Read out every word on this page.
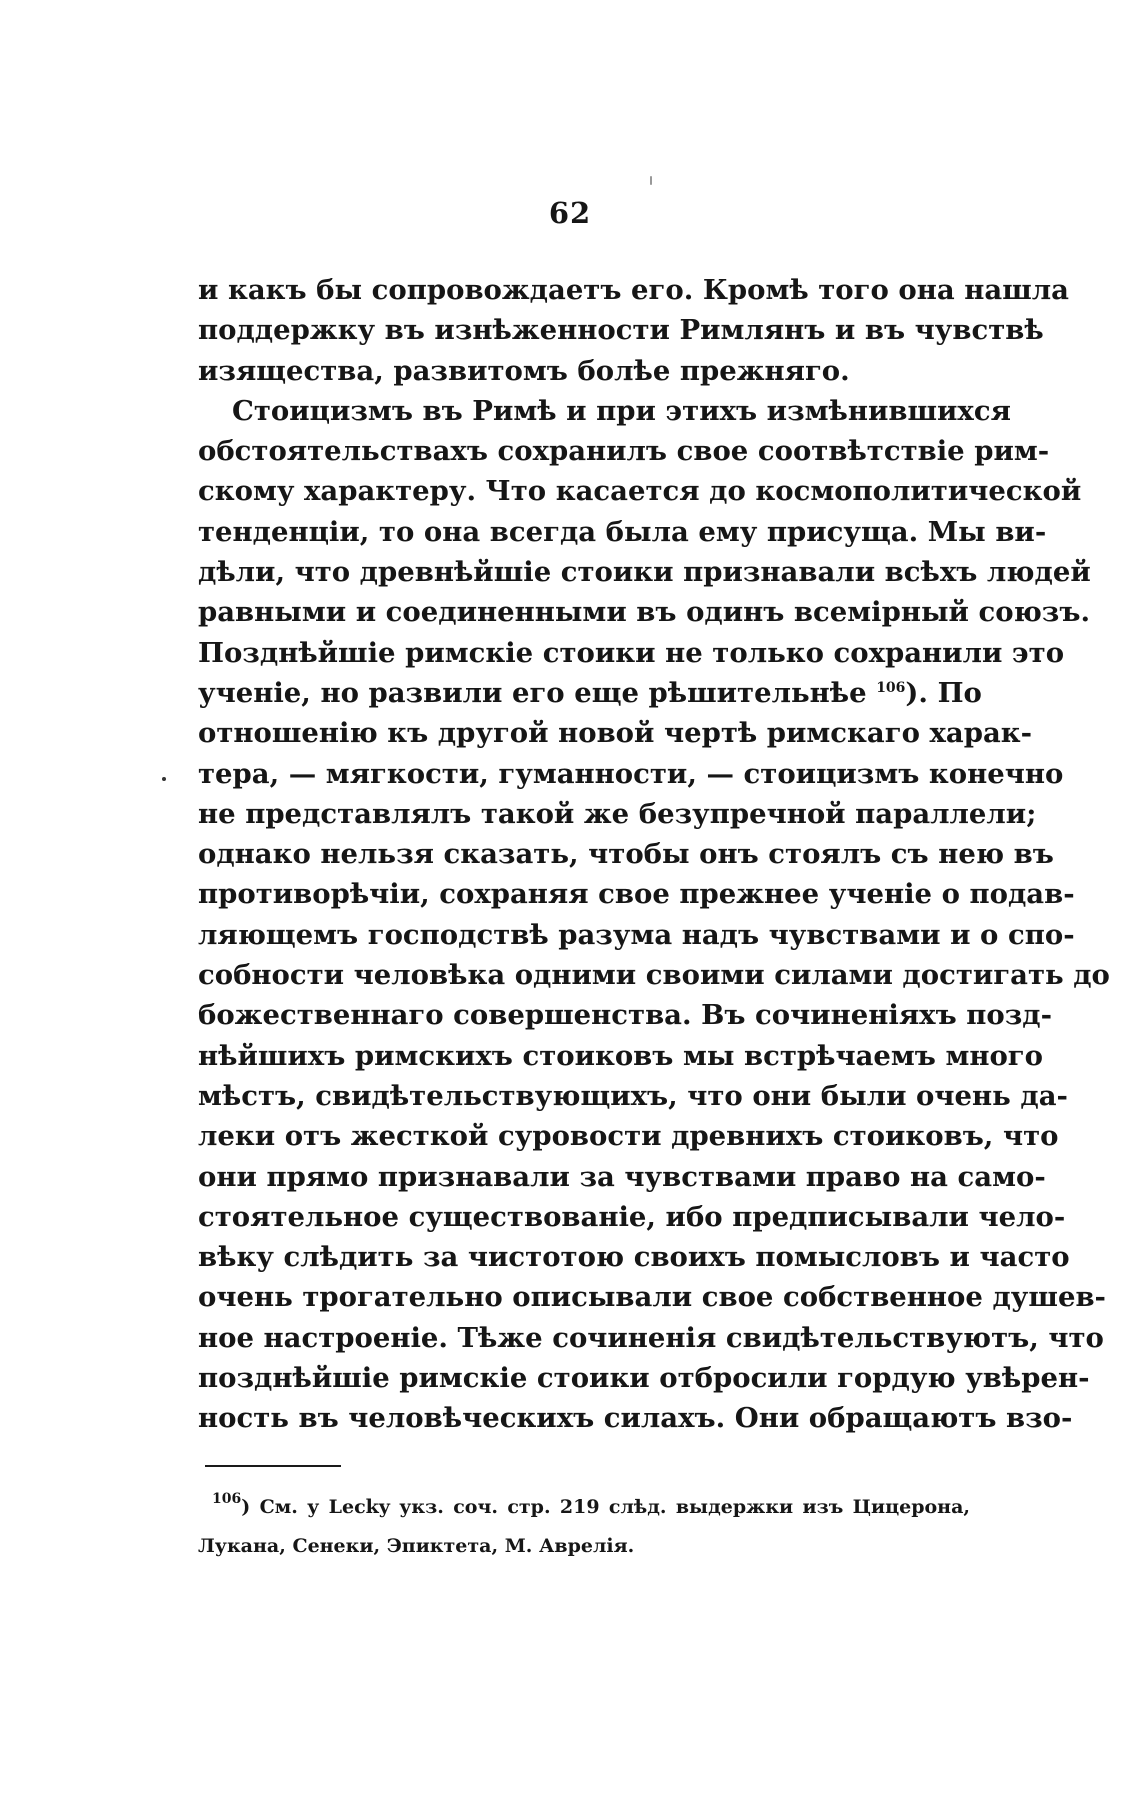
62
и какъ бы сопровождаетъ его. Кромѣ того она нашла
поддержку въ изнѣженности Римлянъ и въ чувствѣ
изящества, развитомъ болѣе прежняго.
Стоицизмъ въ Римѣ и при этихъ измѣнившихся
обстоятельствахъ сохранилъ свое соотвѣтствіе рим-
скому характеру. Что касается до космополитической
тенденціи, то она всегда была ему присуща. Мы ви-
дѣли, что древнѣйшіе стоики признавали всѣхъ людей
равными и соединенными въ одинъ всемірный союзъ.
Позднѣйшіе римскіе стоики не только сохранили это
ученіе, но развили его еще рѣшительнѣе $^{106}$). По
отношенію къ другой новой чертѣ римскаго харак-
тера, — мягкости, гуманности, — стоицизмъ конечно
не представлялъ такой же безупречной параллели;
однако нельзя сказать, чтобы онъ стоялъ съ нею въ
противорѣчіи, сохраняя свое прежнее ученіе о подав-
ляющемъ господствѣ разума надъ чувствами и о спо-
собности человѣка одними своими силами достигать до
божественнаго совершенства. Въ сочиненіяхъ позд-
нѣйшихъ римскихъ стоиковъ мы встрѣчаемъ много
мѣстъ, свидѣтельствующихъ, что они были очень да-
леки отъ жесткой суровости древнихъ стоиковъ, что
они прямо признавали за чувствами право на само-
стоятельное существованіе, ибо предписывали чело-
вѣку слѣдить за чистотою своихъ помысловъ и часто
очень трогательно описывали свое собственное душев-
ное настроеніе. Тѣже сочиненія свидѣтельствуютъ, что
позднѣйшіе римскіе стоики отбросили гордую увѣрен-
ность въ человѣческихъ силахъ. Они обращаютъ взо-
$^{106}$) См. у Lecky укз. соч. стр. 219 слѣд. выдержки изъ Цицерона,
Лукана, Сенеки, Эпиктета, М. Аврелія.
